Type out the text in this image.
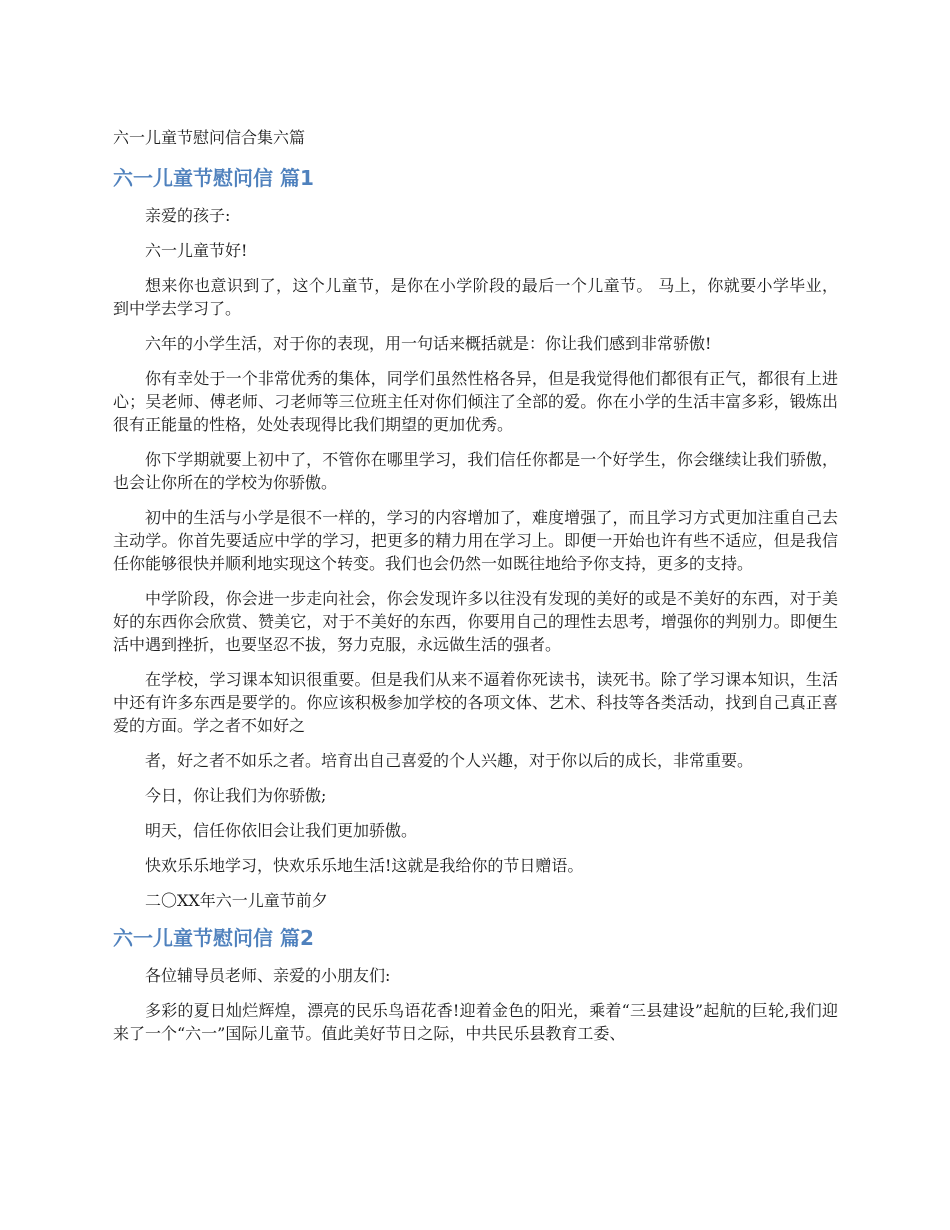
六一儿童节慰问信合集六篇
六一儿童节慰问信 篇1

亲爱的孩子:

六一儿童节好!

想来你也意识到了，这个儿童节，是你在小学阶段的最后一个儿童节。 马上，你就要小学毕业，到中学去学习了。

六年的小学生活，对于你的表现，用一句话来概括就是：你让我们感到非常骄傲!

你有幸处于一个非常优秀的集体，同学们虽然性格各异，但是我觉得他们都很有正气，都很有上进心；吴老师、傅老师、刁老师等三位班主任对你们倾注了全部的爱。你在小学的生活丰富多彩，锻炼出很有正能量的性格，处处表现得比我们期望的更加优秀。

你下学期就要上初中了，不管你在哪里学习，我们信任你都是一个好学生，你会继续让我们骄傲，也会让你所在的学校为你骄傲。

初中的生活与小学是很不一样的，学习的内容增加了，难度增强了，而且学习方式更加注重自己去主动学。你首先要适应中学的学习，把更多的精力用在学习上。即便一开始也许有些不适应，但是我信任你能够很快并顺利地实现这个转变。我们也会仍然一如既往地给予你支持，更多的支持。

中学阶段，你会进一步走向社会，你会发现许多以往没有发现的美好的或是不美好的东西，对于美好的东西你会欣赏、赞美它，对于不美好的东西，你要用自己的理性去思考，增强你的判别力。即便生活中遇到挫折，也要坚忍不拔，努力克服，永远做生活的强者。

在学校，学习课本知识很重要。但是我们从来不逼着你死读书，读死书。除了学习课本知识，生活中还有许多东西是要学的。你应该积极参加学校的各项文体、艺术、科技等各类活动，找到自己真正喜爱的方面。学之者不如好之

者，好之者不如乐之者。培育出自己喜爱的个人兴趣，对于你以后的成长，非常重要。

今日，你让我们为你骄傲;

明天，信任你依旧会让我们更加骄傲。

快欢乐乐地学习，快欢乐乐地生活!这就是我给你的节日赠语。

二〇XX年六一儿童节前夕

六一儿童节慰问信 篇2

各位辅导员老师、亲爱的小朋友们:

多彩的夏日灿烂辉煌，漂亮的民乐鸟语花香!迎着金色的阳光，乘着“三县建设”起航的巨轮,我们迎来了一个“六一”国际儿童节。值此美好节日之际，中共民乐县教育工委、
